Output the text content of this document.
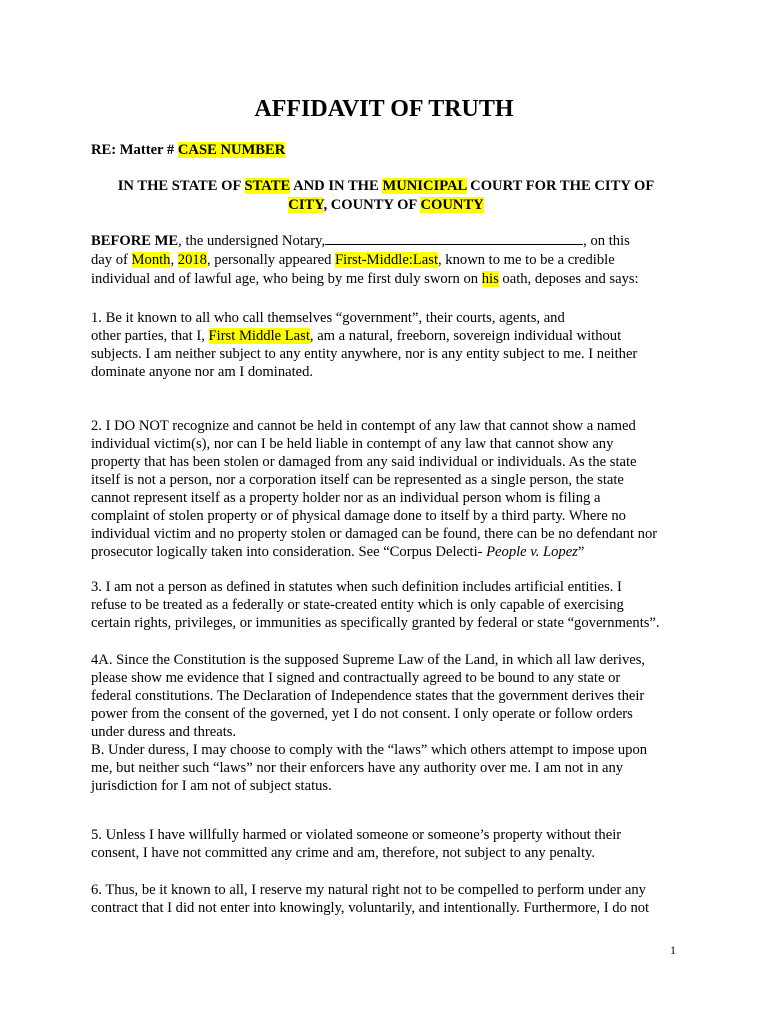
AFFIDAVIT OF TRUTH
RE: Matter # CASE NUMBER
IN THE STATE OF STATE AND IN THE MUNICIPAL COURT FOR THE CITY OF
CITY, COUNTY OF COUNTY
BEFORE ME, the undersigned Notary,	, on this
day of Month, 2018, personally appeared First-Middle:Last, known to me to be a credible
individual and of lawful age, who being by me first duly sworn on his oath, deposes and says:
1. Be it known to all who call themselves “government”, their courts, agents, and
other parties, that I, First Middle Last, am a natural, freeborn, sovereign individual without
subjects. I am neither subject to any entity anywhere, nor is any entity subject to me. I neither
dominate anyone nor am I dominated.
2. I DO NOT recognize and cannot be held in contempt of any law that cannot show a named
individual victim(s), nor can I be held liable in contempt of any law that cannot show any
property that has been stolen or damaged from any said individual or individuals. As the state
itself is not a person, nor a corporation itself can be represented as a single person, the state
cannot represent itself as a property holder nor as an individual person whom is filing a
complaint of stolen property or of physical damage done to itself by a third party. Where no
individual victim and no property stolen or damaged can be found, there can be no defendant nor
prosecutor logically taken into consideration. See “Corpus Delecti- People v. Lopez”
3. I am not a person as defined in statutes when such definition includes artificial entities. I
refuse to be treated as a federally or state-created entity which is only capable of exercising
certain rights, privileges, or immunities as specifically granted by federal or state “governments”.
4A. Since the Constitution is the supposed Supreme Law of the Land, in which all law derives,
please show me evidence that I signed and contractually agreed to be bound to any state or
federal constitutions. The Declaration of Independence states that the government derives their
power from the consent of the governed, yet I do not consent. I only operate or follow orders
under duress and threats.
B. Under duress, I may choose to comply with the “laws” which others attempt to impose upon
me, but neither such “laws” nor their enforcers have any authority over me. I am not in any
jurisdiction for I am not of subject status.
5. Unless I have willfully harmed or violated someone or someone’s property without their
consent, I have not committed any crime and am, therefore, not subject to any penalty.
6. Thus, be it known to all, I reserve my natural right not to be compelled to perform under any
contract that I did not enter into knowingly, voluntarily, and intentionally. Furthermore, I do not
1
